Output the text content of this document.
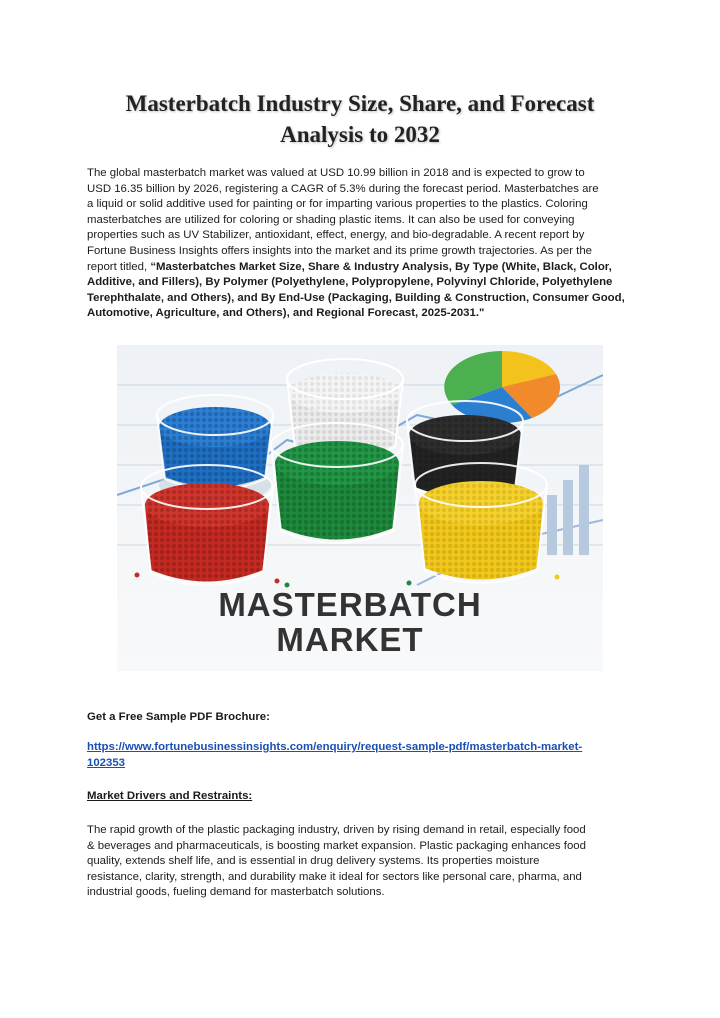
Masterbatch Industry Size, Share, and Forecast
Analysis to 2032
The global masterbatch market was valued at USD 10.99 billion in 2018 and is expected to grow to
USD 16.35 billion by 2026, registering a CAGR of 5.3% during the forecast period. Masterbatches are
a liquid or solid additive used for painting or for imparting various properties to the plastics. Coloring
masterbatches are utilized for coloring or shading plastic items. It can also be used for conveying
properties such as UV Stabilizer, antioxidant, effect, energy, and bio-degradable. A recent report by
Fortune Business Insights offers insights into the market and its prime growth trajectories. As per the
report titled, “Masterbatches Market Size, Share & Industry Analysis, By Type (White, Black, Color,
Additive, and Fillers), By Polymer (Polyethylene, Polypropylene, Polyvinyl Chloride, Polyethylene
Terephthalate, and Others), and By End-Use (Packaging, Building & Construction, Consumer Good,
Automotive, Agriculture, and Others), and Regional Forecast, 2025-2031."
MASTERBATCH
MARKET
Get a Free Sample PDF Brochure:
https://www.fortunebusinessinsights.com/enquiry/request-sample-pdf/masterbatch-market-
102353
Market Drivers and Restraints:
The rapid growth of the plastic packaging industry, driven by rising demand in retail, especially food
& beverages and pharmaceuticals, is boosting market expansion. Plastic packaging enhances food
quality, extends shelf life, and is essential in drug delivery systems. Its properties moisture
resistance, clarity, strength, and durability make it ideal for sectors like personal care, pharma, and
industrial goods, fueling demand for masterbatch solutions.
